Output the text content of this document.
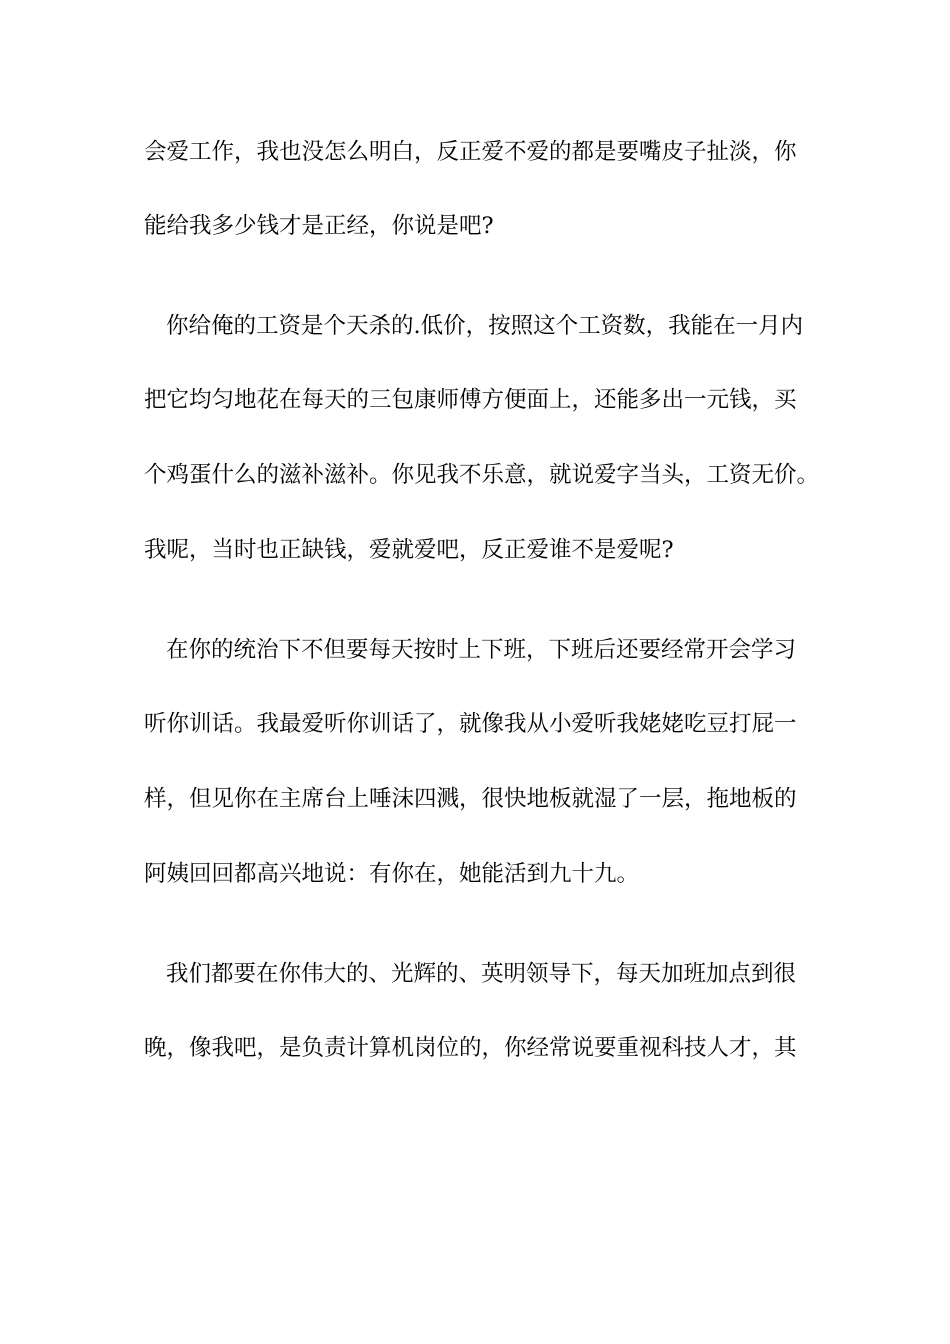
会爱工作，我也没怎么明白，反正爱不爱的都是要嘴皮子扯淡，你
能给我多少钱才是正经，你说是吧?
你给俺的工资是个天杀的.低价，按照这个工资数，我能在一月内
把它均匀地花在每天的三包康师傅方便面上，还能多出一元钱，买
个鸡蛋什么的滋补滋补。你见我不乐意，就说爱字当头，工资无价。
我呢，当时也正缺钱，爱就爱吧，反正爱谁不是爱呢?
在你的统治下不但要每天按时上下班，下班后还要经常开会学习
听你训话。我最爱听你训话了，就像我从小爱听我姥姥吃豆打屁一
样，但见你在主席台上唾沫四溅，很快地板就湿了一层，拖地板的
阿姨回回都高兴地说：有你在，她能活到九十九。
我们都要在你伟大的、光辉的、英明领导下，每天加班加点到很
晚，像我吧，是负责计算机岗位的，你经常说要重视科技人才，其
